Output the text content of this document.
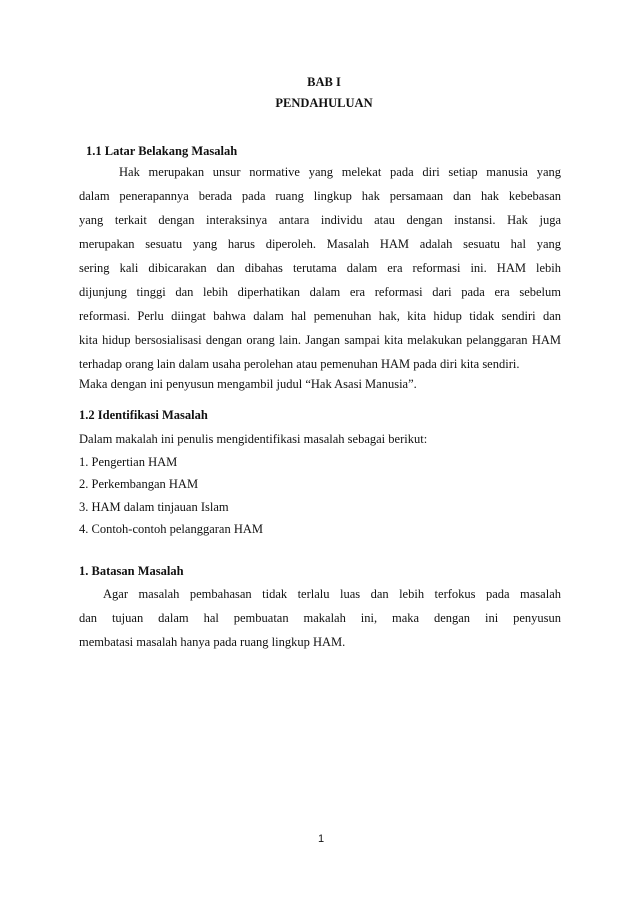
BAB I
PENDAHULUAN
1.1 Latar Belakang Masalah
Hak merupakan unsur normative yang melekat pada diri setiap manusia yang
dalam penerapannya berada pada ruang lingkup hak persamaan dan hak kebebasan
yang terkait dengan interaksinya antara individu atau dengan instansi. Hak juga
merupakan sesuatu yang harus diperoleh. Masalah HAM adalah sesuatu hal yang
sering kali dibicarakan dan dibahas terutama dalam era reformasi ini. HAM lebih
dijunjung tinggi dan lebih diperhatikan dalam era reformasi dari pada era sebelum
reformasi. Perlu diingat bahwa dalam hal pemenuhan hak, kita hidup tidak sendiri dan
kita hidup bersosialisasi dengan orang lain. Jangan sampai kita melakukan pelanggaran HAM
terhadap orang lain dalam usaha perolehan atau pemenuhan HAM pada diri kita sendiri.
Maka dengan ini penyusun mengambil judul “Hak Asasi Manusia”.
1.2 Identifikasi Masalah
Dalam makalah ini penulis mengidentifikasi masalah sebagai berikut:
1. Pengertian HAM
2. Perkembangan HAM
3. HAM dalam tinjauan Islam
4. Contoh-contoh pelanggaran HAM
1. Batasan Masalah
Agar masalah pembahasan tidak terlalu luas dan lebih terfokus pada masalah
dan tujuan dalam hal pembuatan makalah ini, maka dengan ini penyusun
membatasi masalah hanya pada ruang lingkup HAM.
1
